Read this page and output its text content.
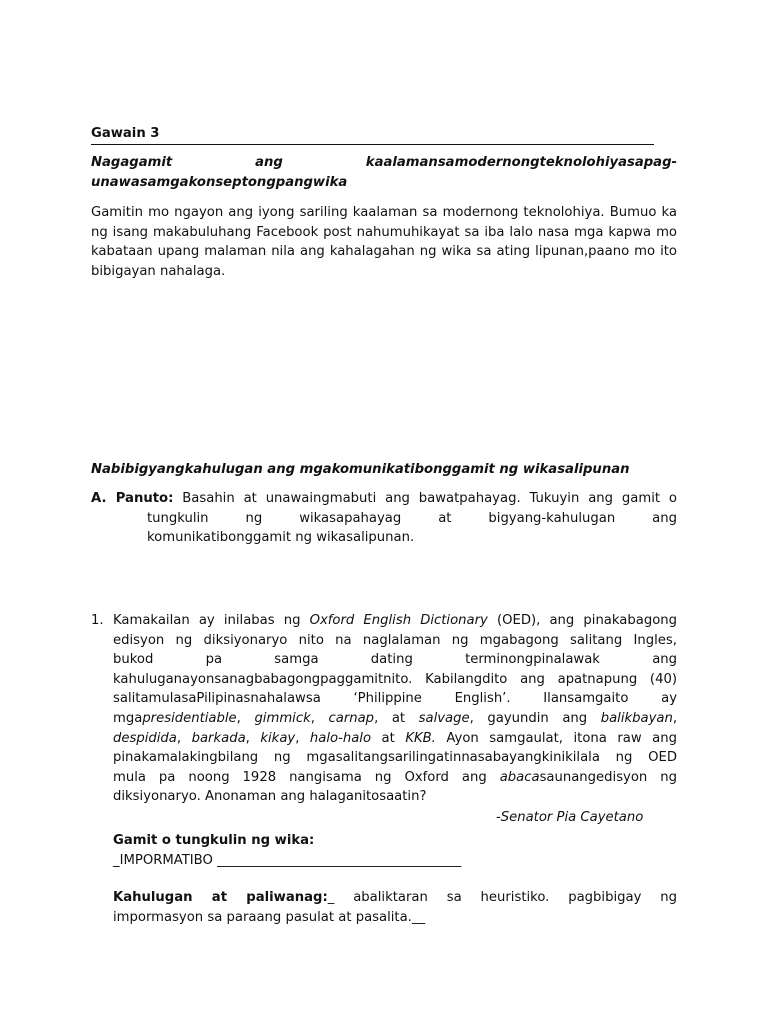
Gawain 3
Nagagamit ang kaalamansamodernongteknolohiyasapag-
unawasamgakonseptongpangwika
Gamitin mo ngayon ang iyong sariling kaalaman sa modernong teknolohiya. Bumuo ka ng isang makabuluhang Facebook post nahumuhikayat sa iba lalo nasa mga kapwa mo kabataan upang malaman nila ang kahalagahan ng wika sa ating lipunan,paano mo ito bibigayan nahalaga.
Nabibigyangkahulugan ang mgakomunikatibonggamit ng wikasalipunan
A. Panuto: Basahin at unawaingmabuti ang bawatpahayag. Tukuyin ang gamit o
tungkulin ng wikasapahayag at bigyang-kahulugan ang
komunikatibonggamit ng wikasalipunan.
1. Kamakailan ay inilabas ng Oxford English Dictionary (OED), ang pinakabagong
edisyon ng diksiyonaryo nito na naglalaman ng mgabagong salitang Ingles,
bukod pa samga dating terminongpinalawak ang
kahuluganayonsanagbabagongpaggamitnito. Kabilangdito ang apatnapung (40)
salitamulasaPilipinasnahalawsa ‘Philippine English’. Ilansamgaito ay
mgapresidentiable, gimmick, carnap, at salvage, gayundin ang balikbayan,
despidida, barkada, kikay, halo-halo at KKB. Ayon samgaulat, itona raw ang
pinakamalakingbilang ng mgasalitangsarilingatinnasabayangkinikilala ng OED
mula pa noong 1928 nangisama ng Oxford ang abacasaunangedisyon ng
diksiyonaryo. Anonaman ang halaganitosaatin?
-Senator Pia Cayetano
Gamit o tungkulin ng wika:
_IMPORMATIBO _____________________________________
Kahulugan at paliwanag:_ abaliktaran sa heuristiko. pagbibigay ng
impormasyon sa paraang pasulat at pasalita.__
